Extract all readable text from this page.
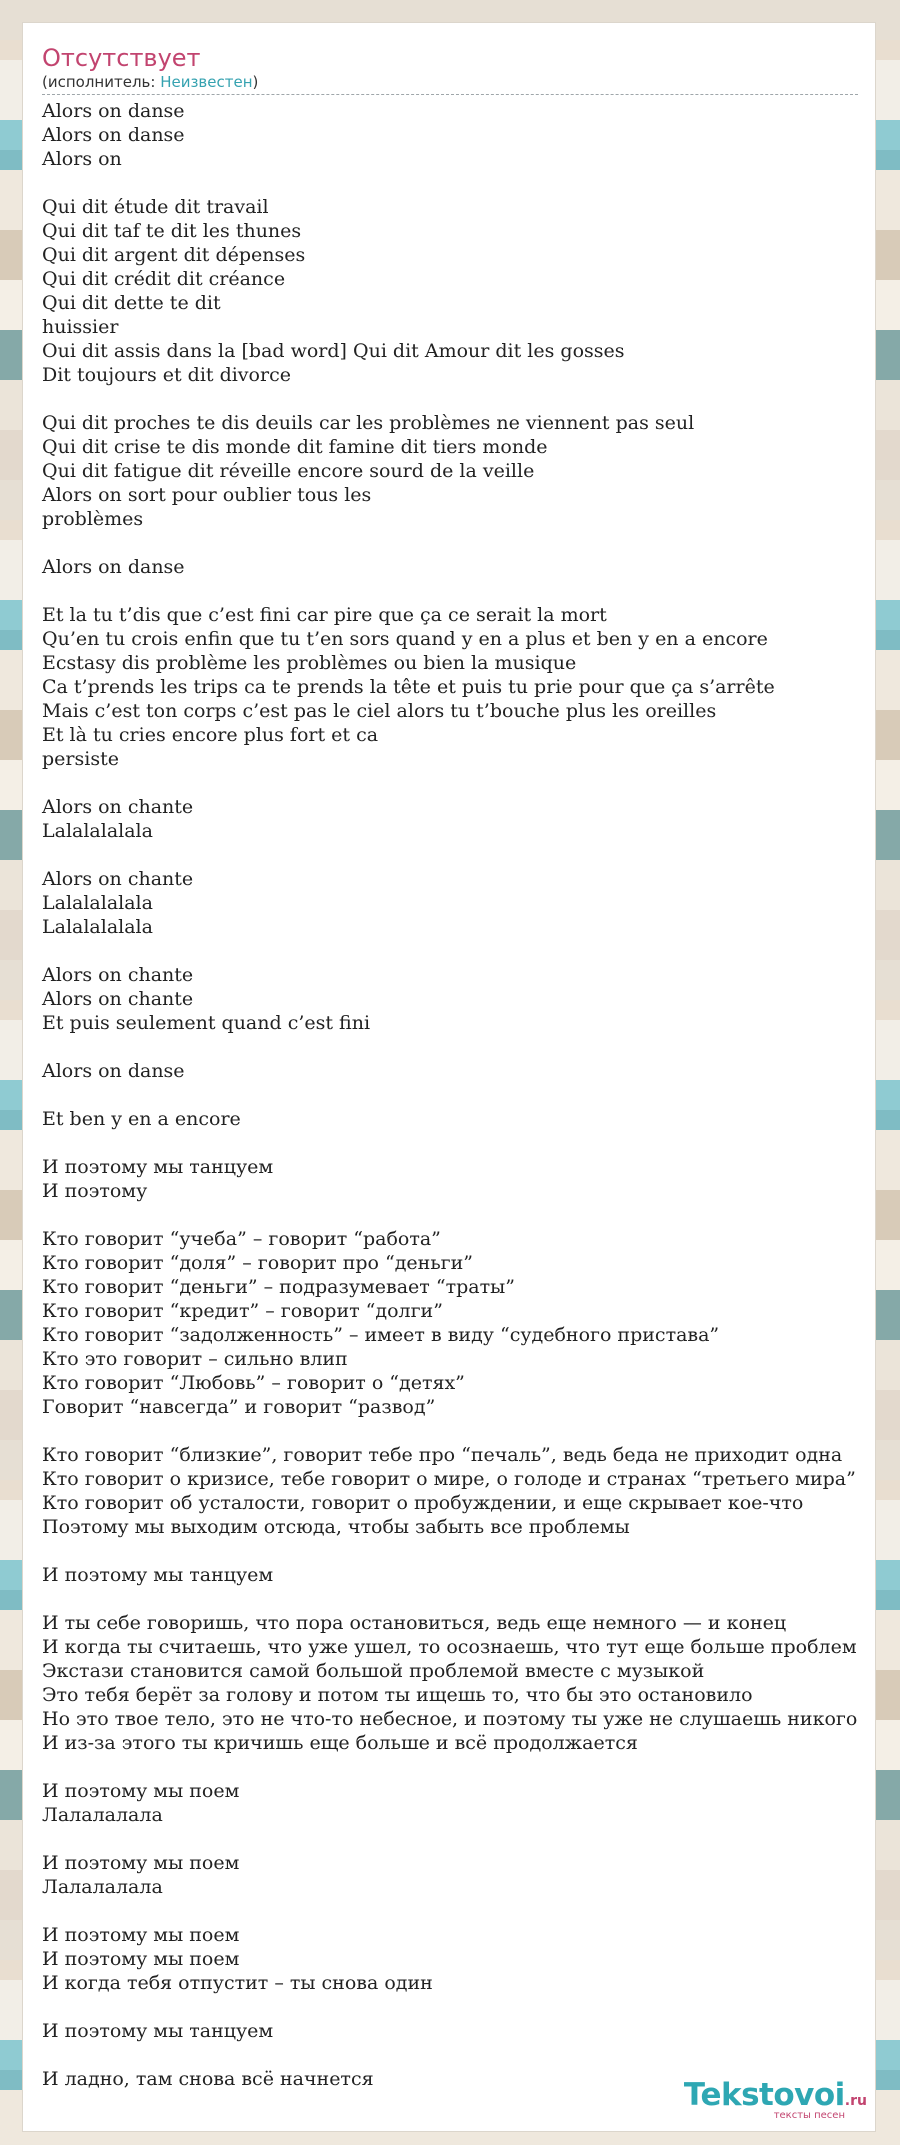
Отсутствует
(исполнитель: Неизвестен)
Alors on danse
Alors on danse
Alors on

Qui dit étude dit travail
Qui dit taf te dit les thunes
Qui dit argent dit dépenses
Qui dit crédit dit créance
Qui dit dette te dit
huissier
Oui dit assis dans la [bad word] Qui dit Amour dit les gosses
Dit toujours et dit divorce

Qui dit proches te dis deuils car les problèmes ne viennent pas seul
Qui dit crise te dis monde dit famine dit tiers monde
Qui dit fatigue dit réveille encore sourd de la veille
Alors on sort pour oublier tous les
problèmes

Alors on danse

Et la tu t’dis que c’est fini car pire que ça ce serait la mort
Qu’en tu crois enfin que tu t’en sors quand y en a plus et ben y en a encore
Ecstasy dis problème les problèmes ou bien la musique
Ca t’prends les trips ca te prends la tête et puis tu prie pour que ça s’arrête
Mais c’est ton corps c’est pas le ciel alors tu t’bouche plus les oreilles
Et là tu cries encore plus fort et ca
persiste

Alors on chante
Lalalalalala

Alors on chante
Lalalalalala
Lalalalalala

Alors on chante
Alors on chante
Et puis seulement quand c’est fini

Alors on danse

Et ben y en a encore

И поэтому мы танцуем
И поэтому

Кто говорит “учеба” – говорит “работа”
Кто говорит “доля” – говорит про “деньги”
Кто говорит “деньги” – подразумевает “траты”
Кто говорит “кредит” – говорит “долги”
Кто говорит “задолженность” – имеет в виду “судебного пристава”
Кто это говорит – сильно влип
Кто говорит “Любовь” – говорит о “детях”
Говорит “навсегда” и говорит “развод”

Кто говорит “близкие”, говорит тебе про “печаль”, ведь беда не приходит одна
Кто говорит о кризисе, тебе говорит о мире, о голоде и странах “третьего мира”
Кто говорит об усталости, говорит о пробуждении, и еще скрывает кое-что
Поэтому мы выходим отсюда, чтобы забыть все проблемы

И поэтому мы танцуем

И ты себе говоришь, что пора остановиться, ведь еще немного — и конец
И когда ты считаешь, что уже ушел, то осознаешь, что тут еще больше проблем
Экстази становится самой большой проблемой вместе с музыкой
Это тебя берёт за голову и потом ты ищешь то, что бы это остановило
Но это твое тело, это не что-то небесное, и поэтому ты уже не слушаешь никого
И из-за этого ты кричишь еще больше и всё продолжается

И поэтому мы поем
Лалалалала

И поэтому мы поем
Лалалалала

И поэтому мы поем
И поэтому мы поем
И когда тебя отпустит – ты снова один

И поэтому мы танцуем

И ладно, там снова всё начнется	Tekstovoi.ru
тексты песен
